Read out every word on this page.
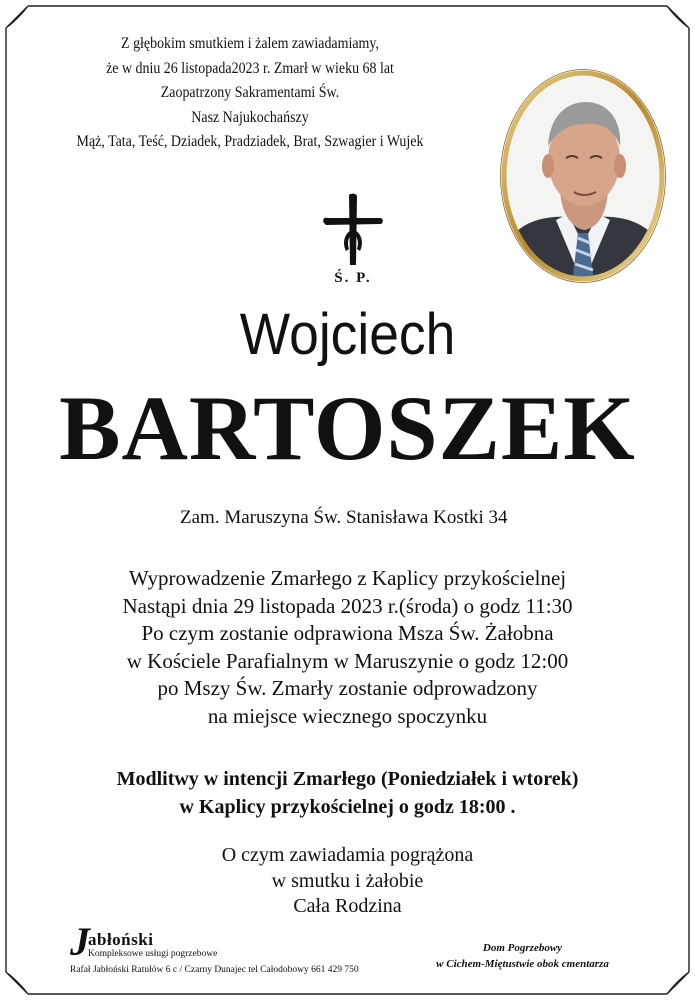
Z głębokim smutkiem i żalem zawiadamiamy,
że w dniu 26 listopada2023 r. Zmarł w wieku 68 lat
Zaopatrzony Sakramentami Św.
Nasz Najukochańszy
Mąż, Tata, Teść, Dziadek, Pradziadek, Brat, Szwagier i Wujek
Ś. P.
Wojciech
BARTOSZEK
Zam. Maruszyna Św. Stanisława Kostki 34
Wyprowadzenie Zmarłego z Kaplicy przykościelnej
Nastąpi dnia 29 listopada 2023 r.(środa) o godz 11:30
Po czym zostanie odprawiona Msza Św. Żałobna
w Kościele Parafialnym w Maruszynie o godz 12:00
po Mszy Św. Zmarły zostanie odprowadzony
na miejsce wiecznego spoczynku
Modlitwy w intencji Zmarłego (Poniedziałek i wtorek)
w Kaplicy przykościelnej o godz 18:00 .
O czym zawiadamia pogrążona
w smutku i żałobie
Cała Rodzina
J
abłoński
Kompleksowe usługi pogrzebowe
Rafał Jabłoński Ratułów 6 c / Czarny Dunajec tel Całodobowy 661 429 750
Dom Pogrzebowy
w Cichem-Miętustwie obok cmentarza
